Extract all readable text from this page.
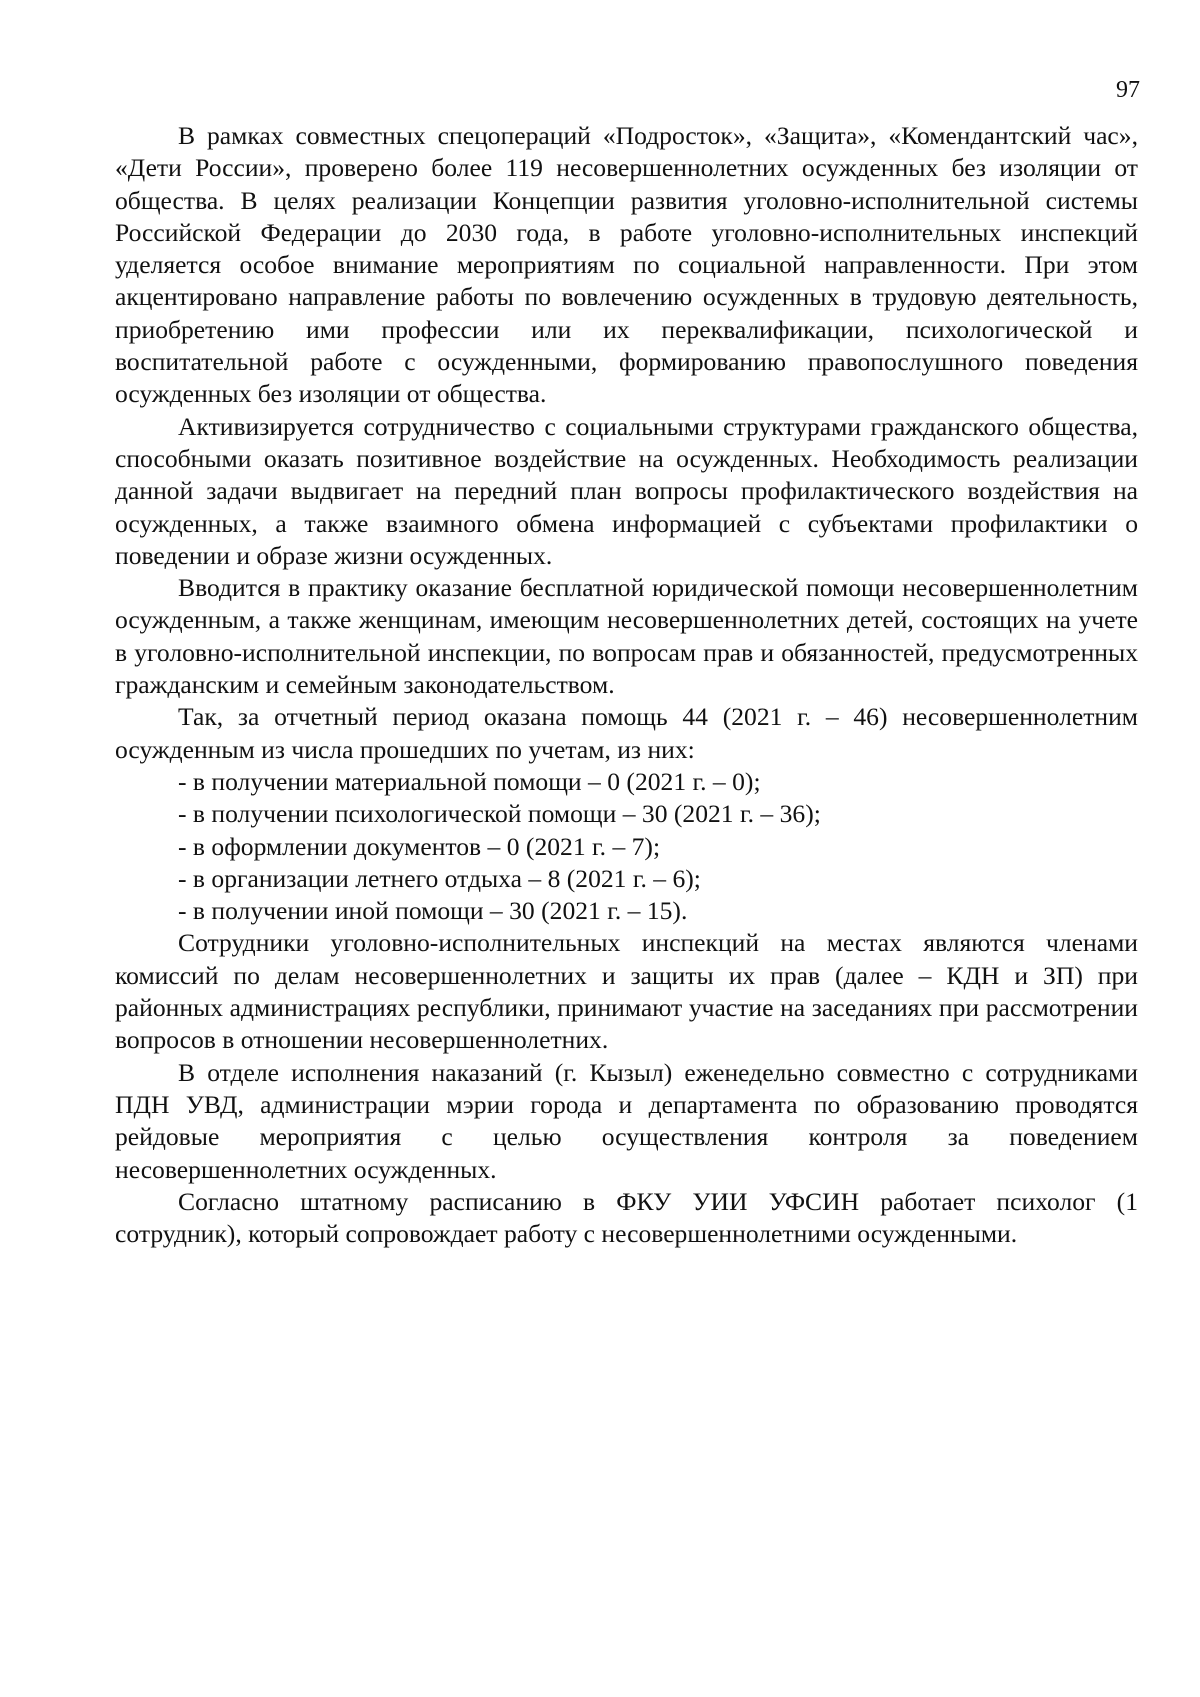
97

В рамках совместных спецопераций «Подросток», «Защита», «Комендантский час», «Дети России», проверено более 119 несовершеннолетних осужденных без изоляции от общества. В целях реализации Концепции развития уголовно-исполнительной системы Российской Федерации до 2030 года, в работе уголовно-исполнительных инспекций уделяется особое внимание мероприятиям по социальной направленности. При этом акцентировано направление работы по вовлечению осужденных в трудовую деятельность, приобретению ими профессии или их переквалификации, психологической и воспитательной работе с осужденными, формированию правопослушного поведения осужденных без изоляции от общества.

Активизируется сотрудничество с социальными структурами гражданского общества, способными оказать позитивное воздействие на осужденных. Необходимость реализации данной задачи выдвигает на передний план вопросы профилактического воздействия на осужденных, а также взаимного обмена информацией с субъектами профилактики о поведении и образе жизни осужденных.

Вводится в практику оказание бесплатной юридической помощи несовершеннолетним осужденным, а также женщинам, имеющим несовершеннолетних детей, состоящих на учете в уголовно-исполнительной инспекции, по вопросам прав и обязанностей, предусмотренных гражданским и семейным законодательством.

Так, за отчетный период оказана помощь 44 (2021 г. – 46) несовершеннолетним осужденным из числа прошедших по учетам, из них:

- в получении материальной помощи – 0 (2021 г. – 0);
- в получении психологической помощи – 30 (2021 г. – 36);
- в оформлении документов – 0 (2021 г. – 7);
- в организации летнего отдыха – 8 (2021 г. – 6);
- в получении иной помощи – 30 (2021 г. – 15).

Сотрудники уголовно-исполнительных инспекций на местах являются членами комиссий по делам несовершеннолетних и защиты их прав (далее – КДН и ЗП) при районных администрациях республики, принимают участие на заседаниях при рассмотрении вопросов в отношении несовершеннолетних.

В отделе исполнения наказаний (г. Кызыл) еженедельно совместно с сотрудниками ПДН УВД, администрации мэрии города и департамента по образованию проводятся рейдовые мероприятия с целью осуществления контроля за поведением несовершеннолетних осужденных.

Согласно штатному расписанию в ФКУ УИИ УФСИН работает психолог (1 сотрудник), который сопровождает работу с несовершеннолетними осужденными.
